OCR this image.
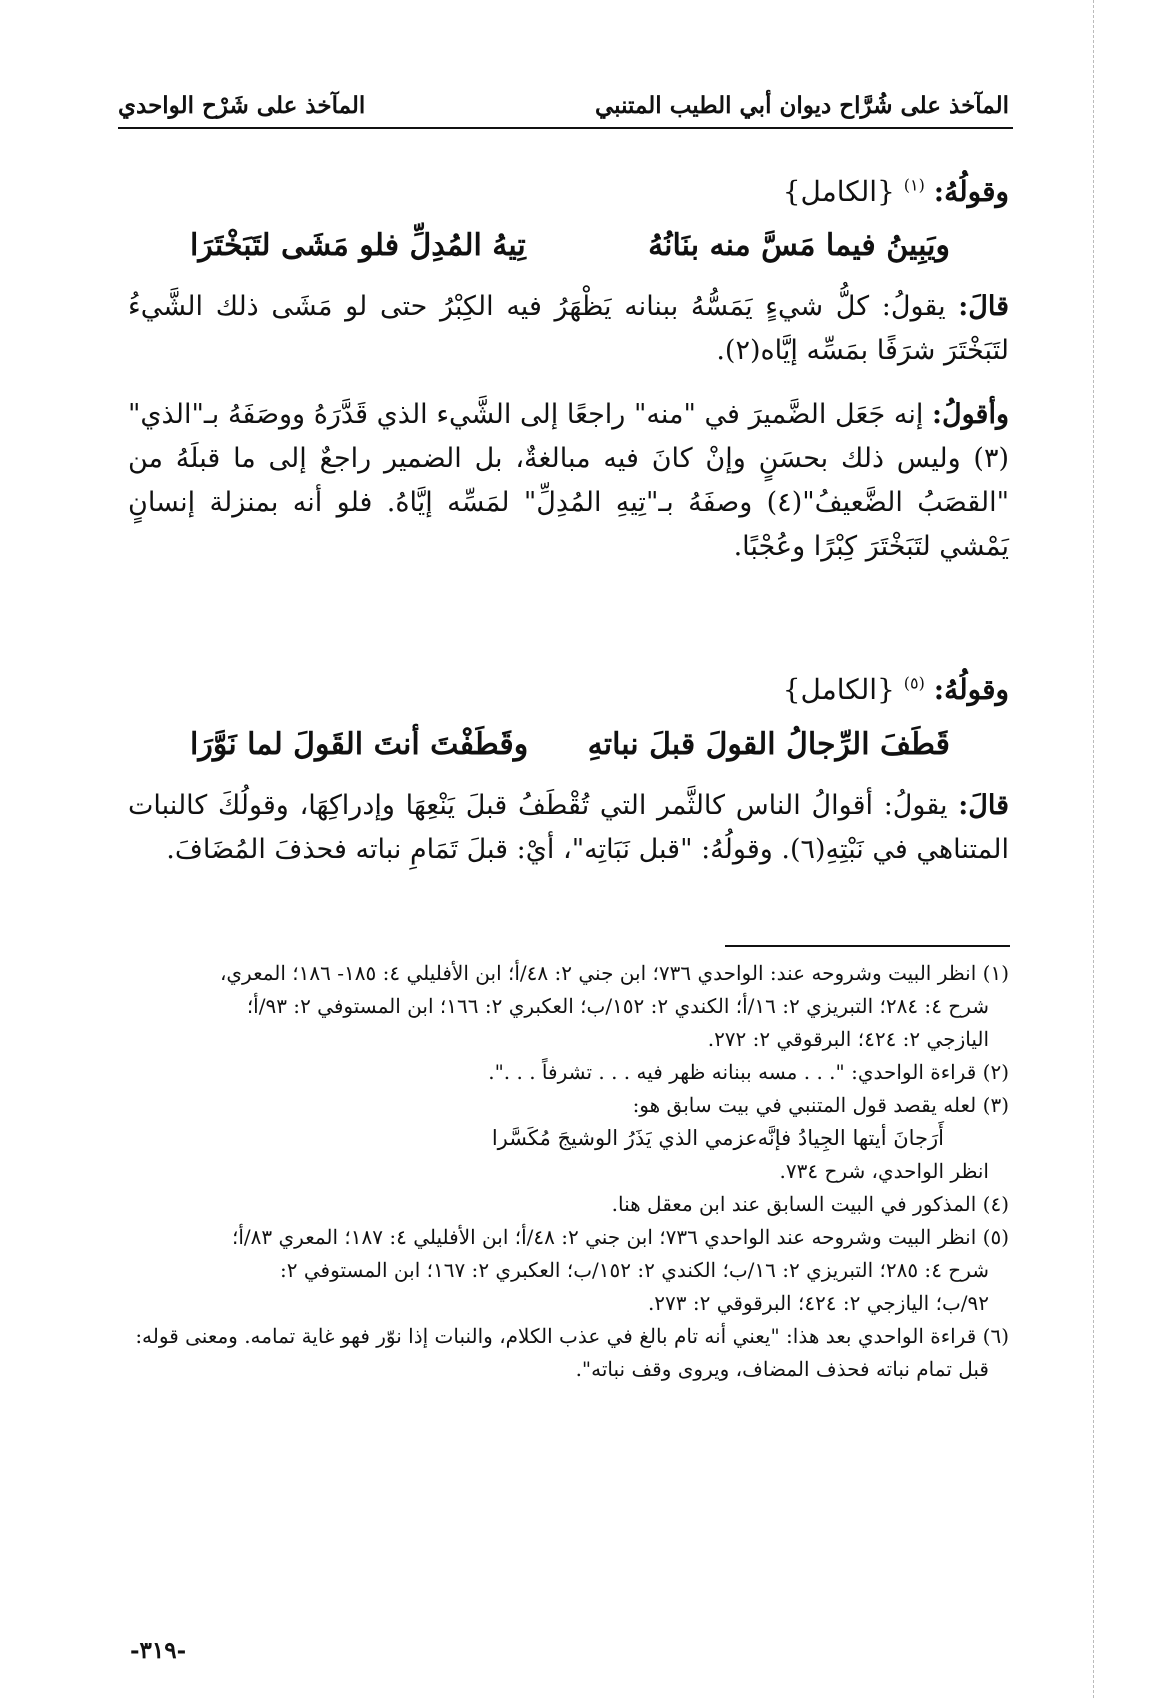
المآخذ على شُرَّاح ديوان أبي الطيب المتنبي
المآخذ على شَرْح الواحدي
وقولُهُ: $^{(١)}$ {الكامل}
ويَبِينُ فيما مَسَّ منه بنَانُهُ
تِيهُ المُدِلِّ فلو مَشَى لتَبَخْتَرَا
قالَ: يقولُ: كلُّ شيءٍ يَمَسُّهُ ببنانه يَظْهَرُ فيه الكِبْرُ حتى لو مَشَى ذلك الشَّيءُ لتَبَخْتَرَ شرَفًا بمَسِّه إيَّاه(٢).
وأقولُ: إنه جَعَل الضَّميرَ في "منه" راجعًا إلى الشَّيء الذي قَدَّرَهُ ووصَفَهُ بـ"الذي"(٣) وليس ذلك بحسَنٍ وإنْ كانَ فيه مبالغةٌ، بل الضمير راجعٌ إلى ما قبلَهُ من "القصَبُ الضَّعيفُ"(٤) وصفَهُ بـ"تِيهِ المُدِلِّ" لمَسِّه إيَّاهُ. فلو أنه بمنزلة إنسانٍ يَمْشي لتَبَخْتَرَ كِبْرًا وعُجْبًا.
وقولُهُ: $^{(٥)}$ {الكامل}
قَطَفَ الرِّجالُ القولَ قبلَ نباتهِ
وقَطَفْتَ أنتَ القَولَ لما نَوَّرَا
قالَ: يقولُ: أقوالُ الناس كالثَّمر التي تُقْطَفُ قبلَ يَنْعِهَا وإدراكِهَا، وقولُكَ كالنبات المتناهي في نَبْتِهِ(٦). وقولُهُ: "قبل نَبَاتِه"، أيْ: قبلَ تَمَامِ نباته فحذفَ المُضَافَ.
(١) انظر البيت وشروحه عند: الواحدي ٧٣٦؛ ابن جني ٢: ٤٨/أ؛ ابن الأفليلي ٤: ١٨٥- ١٨٦؛ المعري،
شرح ٤: ٢٨٤؛ التبريزي ٢: ١٦/أ؛ الكندي ٢: ١٥٢/ب؛ العكبري ٢: ١٦٦؛ ابن المستوفي ٢: ٩٣/أ؛
اليازجي ٢: ٤٢٤؛ البرقوقي ٢: ٢٧٢.
(٢) قراءة الواحدي: ". . . مسه ببنانه ظهر فيه . . . تشرفاً . . .".
(٣) لعله يقصد قول المتنبي في بيت سابق هو:
أَرَجانَ أيتها الجِيادُ فإنَّه
عزمي الذي يَذَرُ الوشيجَ مُكَسَّرا
انظر الواحدي، شرح ٧٣٤.
(٤) المذكور في البيت السابق عند ابن معقل هنا.
(٥) انظر البيت وشروحه عند الواحدي ٧٣٦؛ ابن جني ٢: ٤٨/أ؛ ابن الأفليلي ٤: ١٨٧؛ المعري ٨٣/أ؛
شرح ٤: ٢٨٥؛ التبريزي ٢: ١٦/ب؛ الكندي ٢: ١٥٢/ب؛ العكبري ٢: ١٦٧؛ ابن المستوفي ٢:
٩٢/ب؛ اليازجي ٢: ٤٢٤؛ البرقوقي ٢: ٢٧٣.
(٦) قراءة الواحدي بعد هذا: "يعني أنه تام بالغ في عذب الكلام، والنبات إذا نوّر فهو غاية تمامه. ومعنى قوله:
قبل تمام نباته فحذف المضاف، ويروى وقف نباته".
-٣١٩-
